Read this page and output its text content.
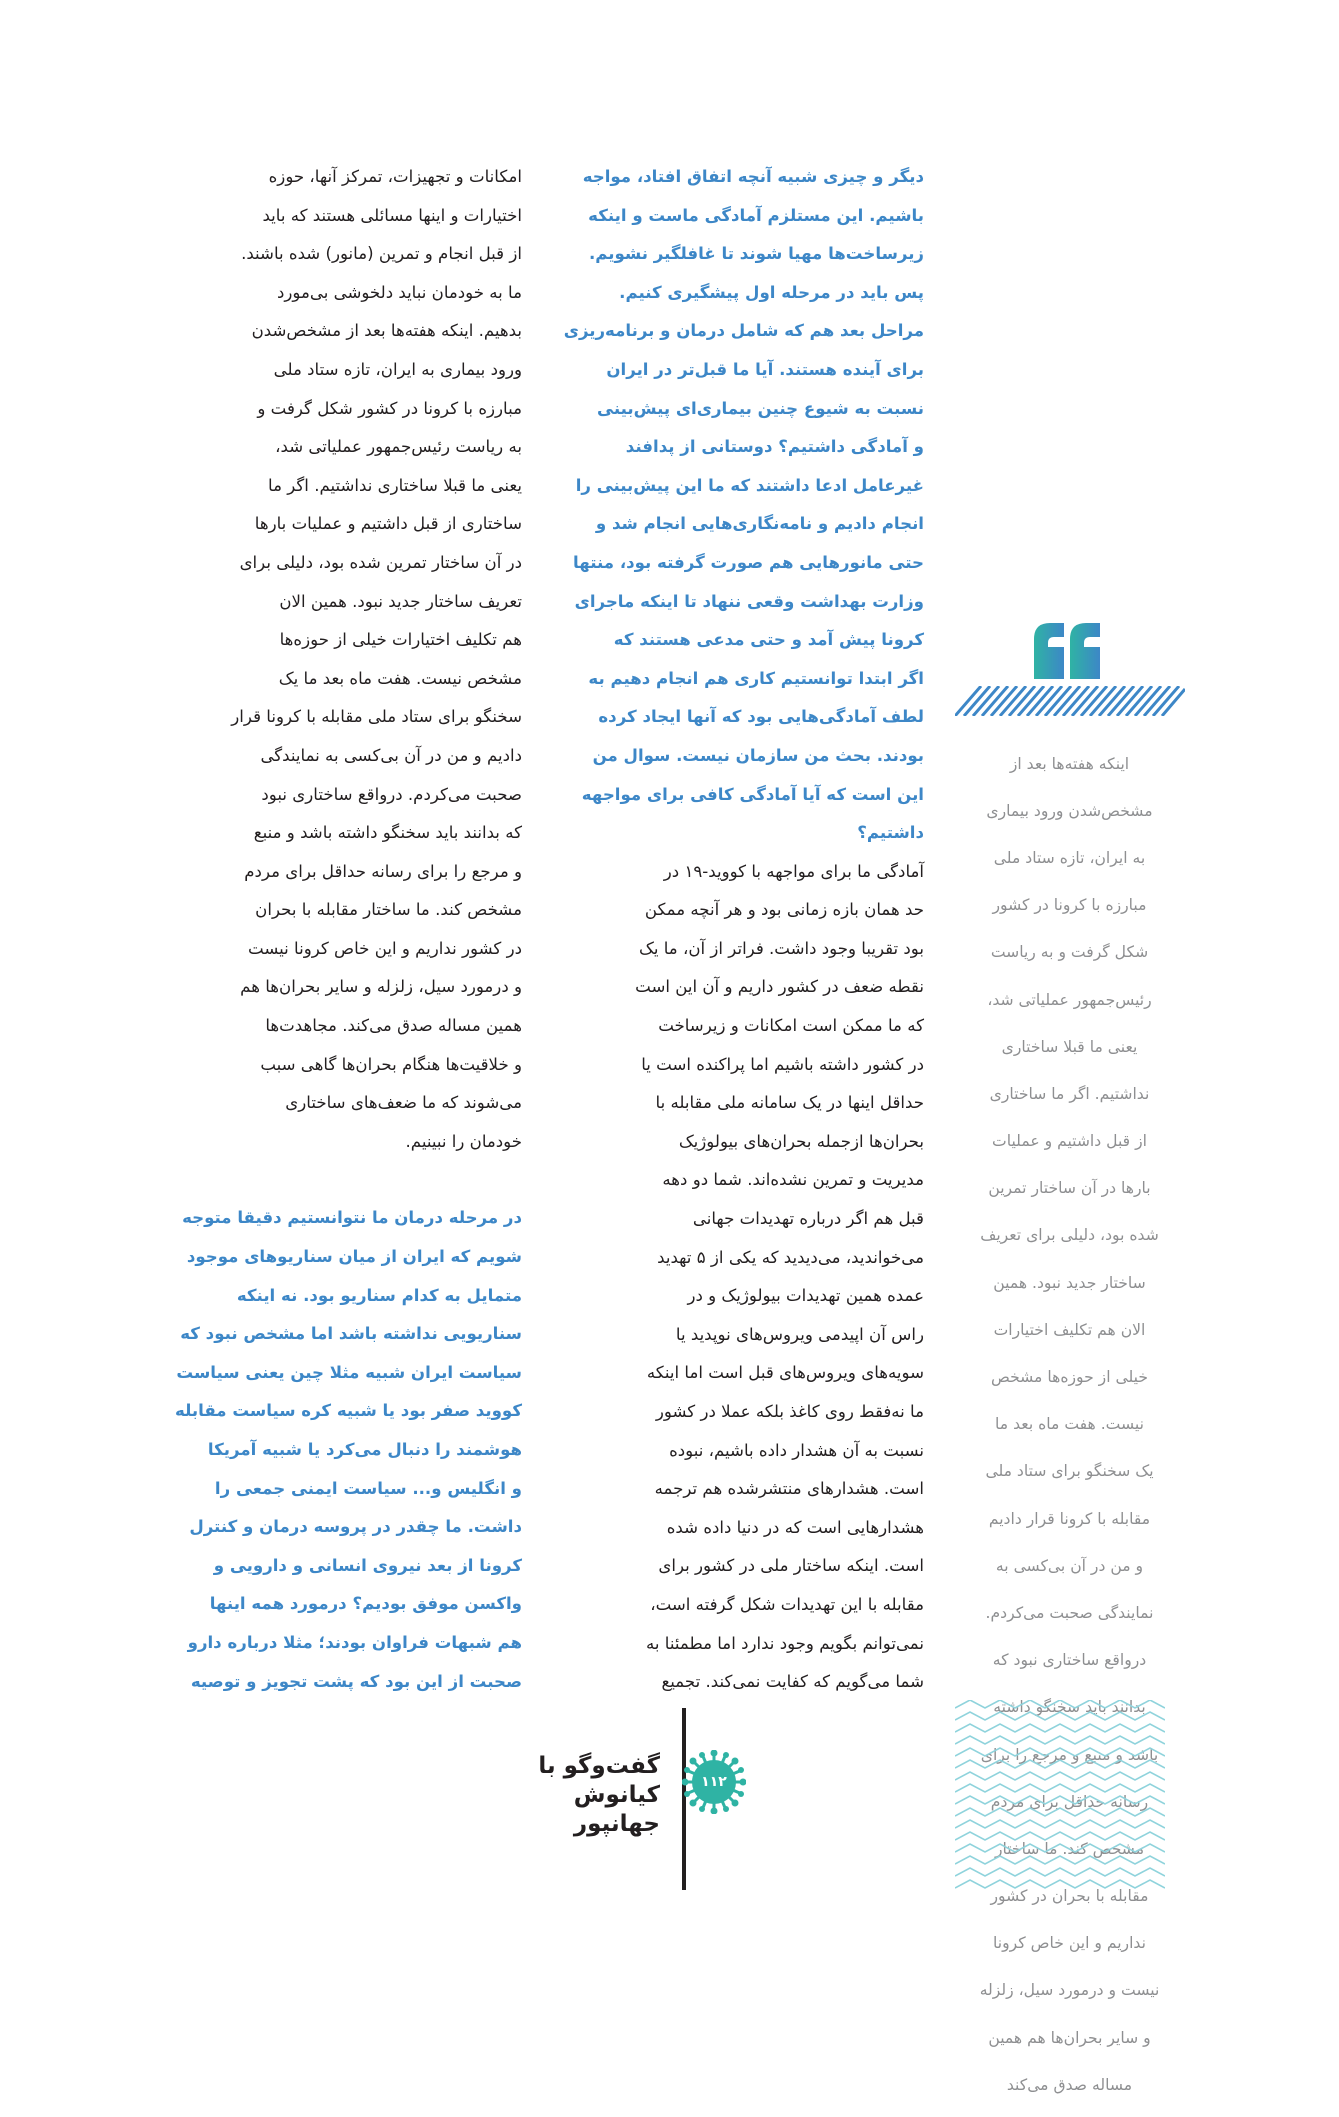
دیگر و چیزی شبیه آنچه اتفاق افتاد، مواجه

باشیم. این مستلزم آمادگی ماست و اینکه

زیرساخت‌ها مهیا شوند تا غافلگیر نشویم.

پس باید در مرحله اول پیشگیری کنیم.

مراحل بعد هم که شامل درمان و برنامه‌ریزی

برای آینده هستند. آیا ما قبل‌تر در ایران

نسبت به شیوع چنین بیماری‌ای پیش‌بینی

و آمادگی داشتیم؟ دوستانی از پدافند

غیرعامل ادعا داشتند که ما این پیش‌بینی را

انجام دادیم و نامه‌نگاری‌هایی انجام شد و

حتی مانورهایی هم صورت گرفته بود، منتها

وزارت بهداشت وقعی ننهاد تا اینکه ماجرای

کرونا پیش آمد و حتی مدعی هستند که

اگر ابتدا توانستیم کاری هم انجام دهیم به

لطف آمادگی‌هایی بود که آنها ایجاد کرده

بودند. بحث من سازمان نیست. سوال من

این است که آیا آمادگی کافی برای مواجهه

داشتیم؟

آمادگی ما برای مواجهه با کووید-۱۹ در

حد همان بازه زمانی بود و هر آنچه ممکن

بود تقریبا وجود داشت. فراتر از آن، ما یک

نقطه ضعف در کشور داریم و آن این است

که ما ممکن است امکانات و زیرساخت

در کشور داشته باشیم اما پراکنده است یا

حداقل اینها در یک سامانه ملی مقابله با

بحران‌ها ازجمله بحران‌های بیولوژیک

مدیریت و تمرین نشده‌اند. شما دو دهه

قبل هم اگر درباره تهدیدات جهانی

می‌خواندید، می‌دیدید که یکی از ۵ تهدید

عمده همین تهدیدات بیولوژیک و در

راس آن اپیدمی ویروس‌های نوپدید یا

سویه‌های ویروس‌های قبل است اما اینکه

ما نه‌فقط روی کاغذ بلکه عملا در کشور

نسبت به آن هشدار داده باشیم، نبوده

است. هشدارهای منتشرشده هم ترجمه

هشدارهایی است که در دنیا داده شده

است. اینکه ساختار ملی در کشور برای

مقابله با این تهدیدات شکل گرفته است،

نمی‌توانم بگویم وجود ندارد اما مطمئنا به

شما می‌گویم که کفایت نمی‌کند. تجمیع

امکانات و تجهیزات، تمرکز آنها، حوزه

اختیارات و اینها مسائلی هستند که باید

از قبل انجام و تمرین (مانور) شده باشند.

ما به خودمان نباید دلخوشی بی‌مورد

بدهیم. اینکه هفته‌ها بعد از مشخص‌شدن

ورود بیماری به ایران، تازه ستاد ملی

مبارزه با کرونا در کشور شکل گرفت و

به ریاست رئیس‌جمهور عملیاتی شد،

یعنی ما قبلا ساختاری نداشتیم. اگر ما

ساختاری از قبل داشتیم و عملیات بارها

در آن ساختار تمرین شده بود، دلیلی برای

تعریف ساختار جدید نبود. همین الان

هم تکلیف اختیارات خیلی از حوزه‌ها

مشخص نیست. هفت ماه بعد ما یک

سخنگو برای ستاد ملی مقابله با کرونا قرار

دادیم و من در آن بی‌کسی به نمایندگی

صحبت می‌کردم. درواقع ساختاری نبود

که بدانند باید سخنگو داشته باشد و منبع

و مرجع را برای رسانه حداقل برای مردم

مشخص کند. ما ساختار مقابله با بحران

در کشور نداریم و این خاص کرونا نیست

و درمورد سیل، زلزله و سایر بحران‌ها هم

همین مساله صدق می‌کند. مجاهدت‌ها

و خلاقیت‌ها هنگام بحران‌ها گاهی سبب

می‌شوند که ما ضعف‌های ساختاری

خودمان را نبینیم.

در مرحله درمان ما نتوانستیم دقیقا متوجه

شویم که ایران از میان سناریوهای موجود

متمایل به کدام سناریو بود. نه اینکه

سناریویی نداشته باشد اما مشخص نبود که

سیاست ایران شبیه مثلا چین یعنی سیاست

کووید صفر بود یا شبیه کره سیاست مقابله

هوشمند را دنبال می‌کرد یا شبیه آمریکا

و انگلیس و... سیاست ایمنی جمعی را

داشت. ما چقدر در پروسه درمان و کنترل

کرونا از بعد نیروی انسانی و دارویی و

واکسن موفق بودیم؟ درمورد همه اینها

هم شبهات فراوان بودند؛ مثلا درباره دارو

صحبت از این بود که پشت تجویز و توصیه

اینکه هفته‌ها بعد از

مشخص‌شدن ورود بیماری

به ایران، تازه ستاد ملی

مبارزه با کرونا در کشور

شکل گرفت و به ریاست

رئیس‌جمهور عملیاتی شد،

یعنی ما قبلا ساختاری

نداشتیم. اگر ما ساختاری

از قبل داشتیم و عملیات

بارها در آن ساختار تمرین

شده بود، دلیلی برای تعریف

ساختار جدید نبود. همین

الان هم تکلیف اختیارات

خیلی از حوزه‌ها مشخص

نیست. هفت ماه بعد ما

یک سخنگو برای ستاد ملی

مقابله با کرونا قرار دادیم

و من در آن بی‌کسی به

نمایندگی صحبت می‌کردم.

درواقع ساختاری نبود که

بدانند باید سخنگو داشته

باشد و منبع و مرجع را برای

رسانه حداقل برای مردم

مشخص کند. ما ساختار

مقابله با بحران در کشور

نداریم و این خاص کرونا

نیست و درمورد سیل، زلزله

و سایر بحران‌ها هم همین

مساله صدق می‌کند

۱۱۲
گفت‌وگو با
کیانوش جهانپور
